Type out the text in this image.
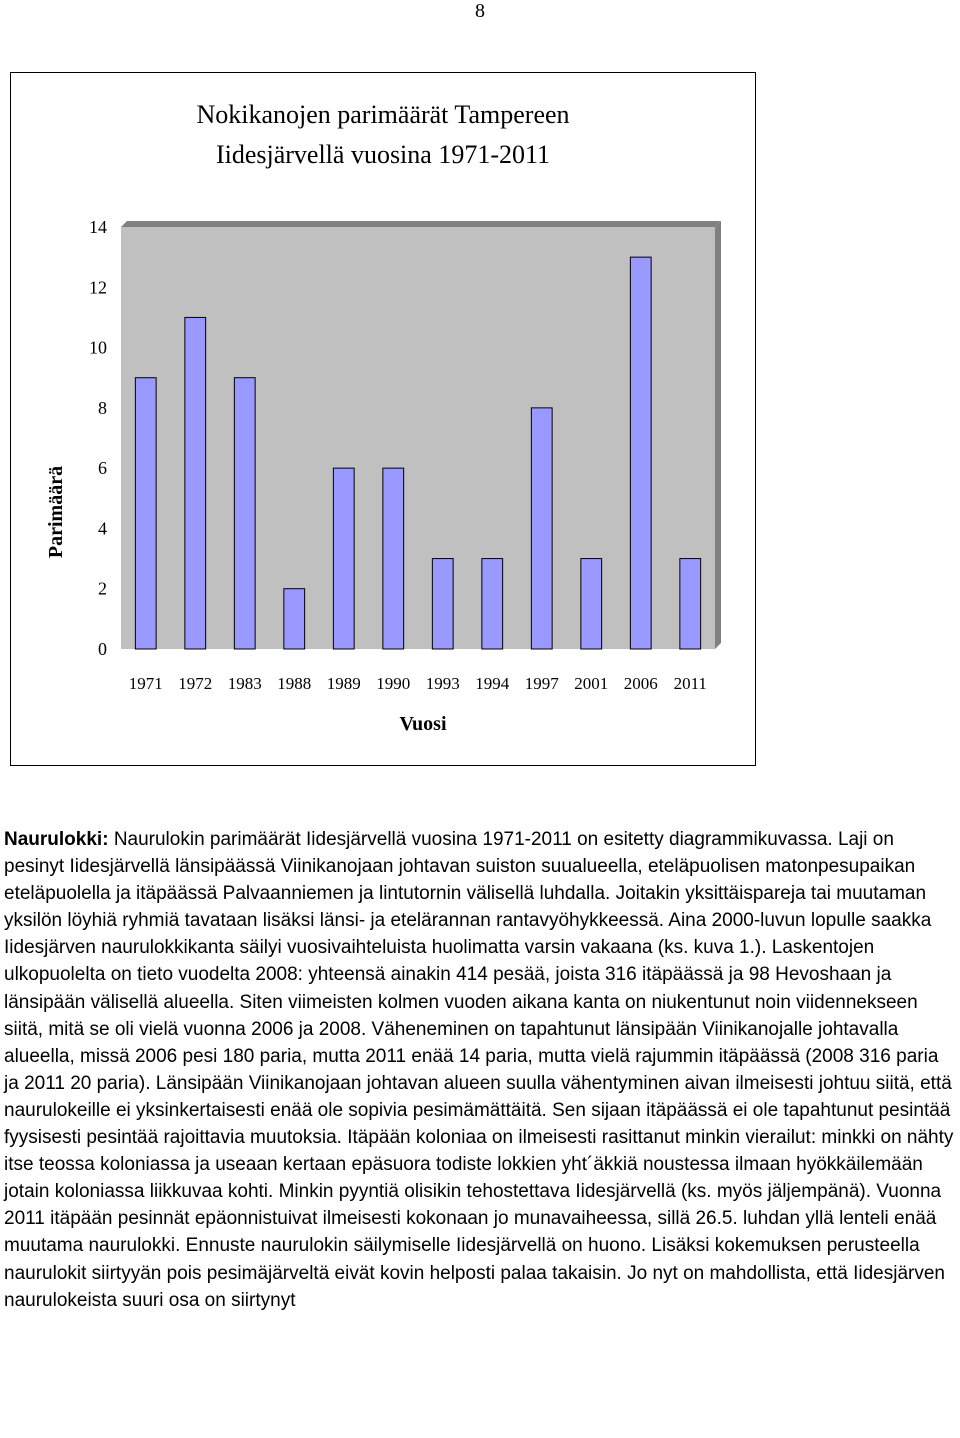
8
Nokikanojen parimäärät Tampereen
Iidesjärvellä vuosina 1971-2011
0
2
4
6
8
10
12
14
1971 1972 1983 1988 1989 1990 1993 1994 1997 2001 2006 2011
Parimäärä
Vuosi

Naurulokki: Naurulokin parimäärät Iidesjärvellä vuosina 1971-2011 on esitetty diagrammikuvassa. Laji on pesinyt Iidesjärvellä länsipäässä Viinikanojaan johtavan suiston suualueella, eteläpuolisen matonpesupaikan eteläpuolella ja itäpäässä Palvaanniemen ja lintutornin välisellä luhdalla. Joitakin yksittäispareja tai muutaman yksilön löyhiä ryhmiä tavataan lisäksi länsi- ja etelärannan rantavyöhykkeessä. Aina 2000-luvun lopulle saakka Iidesjärven naurulokkikanta säilyi vuosivaihteluista huolimatta varsin vakaana (ks. kuva 1.). Laskentojen ulkopuolelta on tieto vuodelta 2008: yhteensä ainakin 414 pesää, joista 316 itäpäässä ja 98 Hevoshaan ja länsipään välisellä alueella. Siten viimeisten kolmen vuoden aikana kanta on niukentunut noin viidennekseen siitä, mitä se oli vielä vuonna 2006 ja 2008. Väheneminen on tapahtunut länsipään Viinikanojalle johtavalla alueella, missä 2006 pesi 180 paria, mutta 2011 enää 14 paria, mutta vielä rajummin itäpäässä (2008 316 paria ja 2011 20 paria). Länsipään Viinikanojaan johtavan alueen suulla vähentyminen aivan ilmeisesti johtuu siitä, että naurulokeille ei yksinkertaisesti enää ole sopivia pesimämättäitä. Sen sijaan itäpäässä ei ole tapahtunut pesintää fyysisesti pesintää rajoittavia muutoksia. Itäpään koloniaa on ilmeisesti rasittanut minkin vierailut: minkki on nähty itse teossa koloniassa ja useaan kertaan epäsuora todiste lokkien yht´äkkiä noustessa ilmaan hyökkäilemään jotain koloniassa liikkuvaa kohti. Minkin pyyntiä olisikin tehostettava Iidesjärvellä (ks. myös jäljempänä). Vuonna 2011 itäpään pesinnät epäonnistuivat ilmeisesti kokonaan jo munavaiheessa, sillä 26.5. luhdan yllä lenteli enää muutama naurulokki. Ennuste naurulokin säilymiselle Iidesjärvellä on huono. Lisäksi kokemuksen perusteella naurulokit siirtyyän pois pesimäjärveltä eivät kovin helposti palaa takaisin. Jo nyt on mahdollista, että Iidesjärven naurulokeista suuri osa on siirtynyt
